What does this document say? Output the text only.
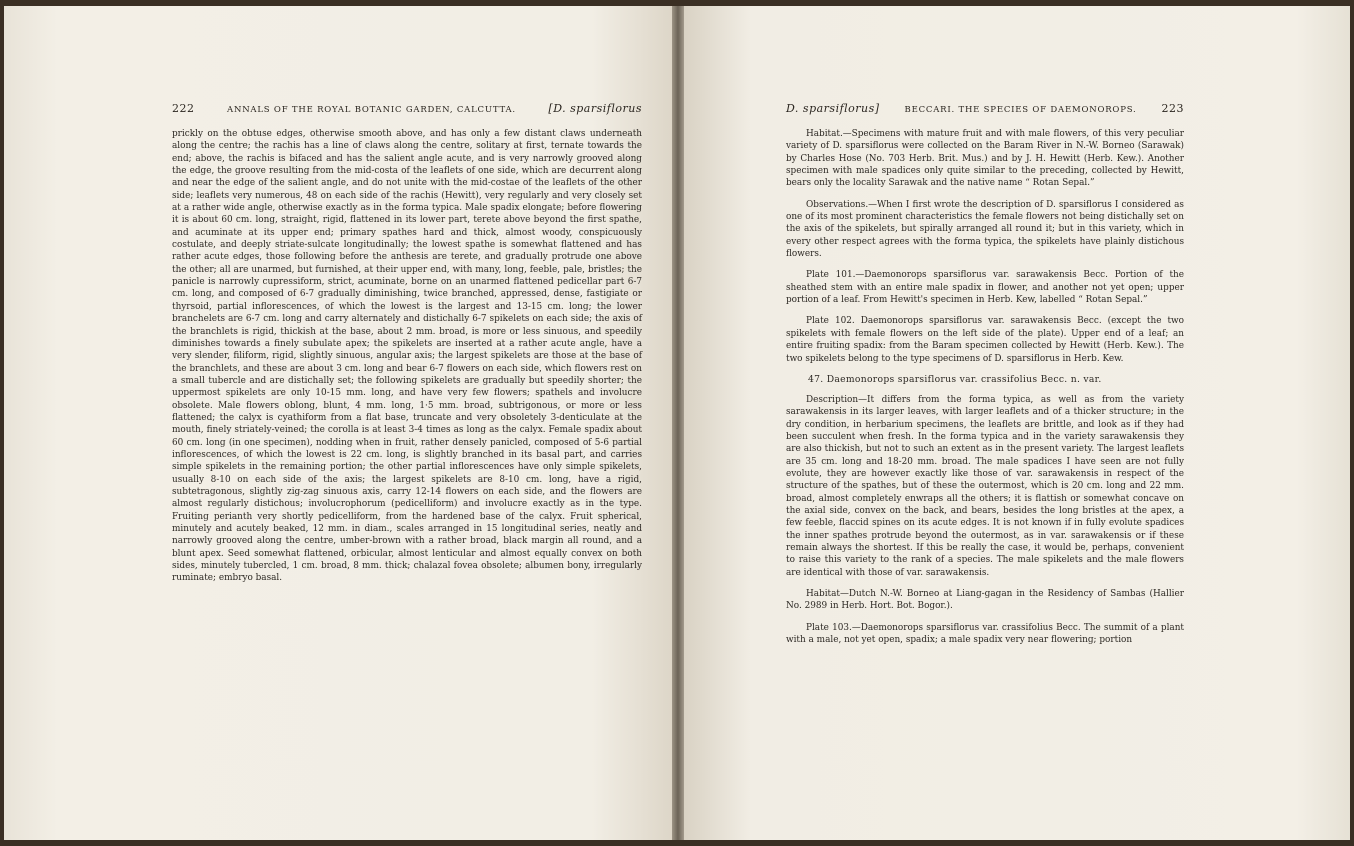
222	ANNALS OF THE ROYAL BOTANIC GARDEN, CALCUTTA.	[D. sparsiflorus

prickly on the obtuse edges, otherwise smooth above, and has only a few distant claws underneath along the centre; the rachis has a line of claws along the centre, solitary at first, ternate towards the end; above, the rachis is bifaced and has the salient angle acute, and is very narrowly grooved along the edge, the groove resulting from the mid-costa of the leaflets of one side, which are decurrent along and near the edge of the salient angle, and do not unite with the mid-costae of the leaflets of the other side; leaflets very numerous, 48 on each side of the rachis (Hewitt), very regularly and very closely set at a rather wide angle, otherwise exactly as in the forma typica. Male spadix elongate; before flowering it is about 60 cm. long, straight, rigid, flattened in its lower part, terete above beyond the first spathe, and acuminate at its upper end; primary spathes hard and thick, almost woody, conspicuously costulate, and deeply striate-sulcate longitudinally; the lowest spathe is somewhat flattened and has rather acute edges, those following before the anthesis are terete, and gradually protrude one above the other; all are unarmed, but furnished, at their upper end, with many, long, feeble, pale, bristles; the panicle is narrowly cupressiform, strict, acuminate, borne on an unarmed flattened pedicellar part 6-7 cm. long, and composed of 6-7 gradually diminishing, twice branched, appressed, dense, fastigiate or thyrsoid, partial inflorescences, of which the lowest is the largest and 13-15 cm. long; the lower branchelets are 6-7 cm. long and carry alternately and distichally 6-7 spikelets on each side; the axis of the branchlets is rigid, thickish at the base, about 2 mm. broad, is more or less sinuous, and speedily diminishes towards a finely subulate apex; the spikelets are inserted at a rather acute angle, have a very slender, filiform, rigid, slightly sinuous, angular axis; the largest spikelets are those at the base of the branchlets, and these are about 3 cm. long and bear 6-7 flowers on each side, which flowers rest on a small tubercle and are distichally set; the following spikelets are gradually but speedily shorter; the uppermost spikelets are only 10-15 mm. long, and have very few flowers; spathels and involucre obsolete. Male flowers oblong, blunt, 4 mm. long, 1·5 mm. broad, subtrigonous, or more or less flattened; the calyx is cyathiform from a flat base, truncate and very obsoletely 3-denticulate at the mouth, finely striately-veined; the corolla is at least 3-4 times as long as the calyx. Female spadix about 60 cm. long (in one specimen), nodding when in fruit, rather densely panicled, composed of 5-6 partial inflorescences, of which the lowest is 22 cm. long, is slightly branched in its basal part, and carries simple spikelets in the remaining portion; the other partial inflorescences have only simple spikelets, usually 8-10 on each side of the axis; the largest spikelets are 8-10 cm. long, have a rigid, subtetragonous, slightly zig-zag sinuous axis, carry 12-14 flowers on each side, and the flowers are almost regularly distichous; involucrophorum (pedicelliform) and involucre exactly as in the type. Fruiting perianth very shortly pedicelliform, from the hardened base of the calyx. Fruit spherical, minutely and acutely beaked, 12 mm. in diam., scales arranged in 15 longitudinal series, neatly and narrowly grooved along the centre, umber-brown with a rather broad, black margin all round, and a blunt apex. Seed somewhat flattened, orbicular, almost lenticular and almost equally convex on both sides, minutely tubercled, 1 cm. broad, 8 mm. thick; chalazal fovea obsolete; albumen bony, irregularly ruminate; embryo basal.

D. sparsiflorus]	BECCARI. THE SPECIES OF DAEMONOROPS. 223

Habitat.—Specimens with mature fruit and with male flowers, of this very peculiar variety of D. sparsiflorus were collected on the Baram River in N.-W. Borneo (Sarawak) by Charles Hose (No. 703 Herb. Brit. Mus.) and by J. H. Hewitt (Herb. Kew.). Another specimen with male spadices only quite similar to the preceding, collected by Hewitt, bears only the locality Sarawak and the native name “ Rotan Sepal.”

Observations.—When I first wrote the description of D. sparsiflorus I considered as one of its most prominent characteristics the female flowers not being distichally set on the axis of the spikelets, but spirally arranged all round it; but in this variety, which in every other respect agrees with the forma typica, the spikelets have plainly distichous flowers.

Plate 101.—Daemonorops sparsiflorus var. sarawakensis Becc. Portion of the sheathed stem with an entire male spadix in flower, and another not yet open; upper portion of a leaf. From Hewitt's specimen in Herb. Kew, labelled “ Rotan Sepal.”

Plate 102. Daemonorops sparsiflorus var. sarawakensis Becc. (except the two spikelets with female flowers on the left side of the plate). Upper end of a leaf; an entire fruiting spadix: from the Baram specimen collected by Hewitt (Herb. Kew.). The two spikelets belong to the type specimens of D. sparsiflorus in Herb. Kew.

47. Daemonorops sparsiflorus var. crassifolius Becc. n. var.

Description—It differs from the forma typica, as well as from the variety sarawakensis in its larger leaves, with larger leaflets and of a thicker structure; in the dry condition, in herbarium specimens, the leaflets are brittle, and look as if they had been succulent when fresh. In the forma typica and in the variety sarawakensis they are also thickish, but not to such an extent as in the present variety. The largest leaflets are 35 cm. long and 18-20 mm. broad. The male spadices I have seen are not fully evolute, they are however exactly like those of var. sarawakensis in respect of the structure of the spathes, but of these the outermost, which is 20 cm. long and 22 mm. broad, almost completely enwraps all the others; it is flattish or somewhat concave on the axial side, convex on the back, and bears, besides the long bristles at the apex, a few feeble, flaccid spines on its acute edges. It is not known if in fully evolute spadices the inner spathes protrude beyond the outermost, as in var. sarawakensis or if these remain always the shortest. If this be really the case, it would be, perhaps, convenient to raise this variety to the rank of a species. The male spikelets and the male flowers are identical with those of var. sarawakensis.

Habitat—Dutch N.-W. Borneo at Liang-gagan in the Residency of Sambas (Hallier No. 2989 in Herb. Hort. Bot. Bogor.).

Plate 103.—Daemonorops sparsiflorus var. crassifolius Becc. The summit of a plant with a male, not yet open, spadix; a male spadix very near flowering; portion
